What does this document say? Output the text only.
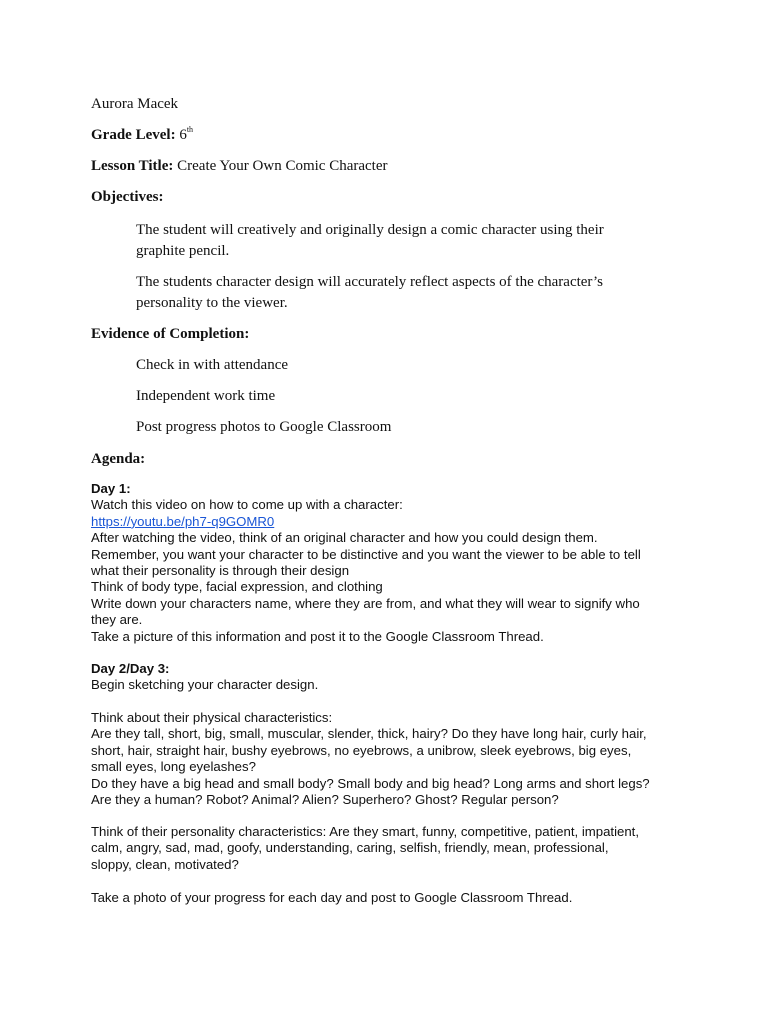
Aurora Macek
Grade Level: 6th
Lesson Title: Create Your Own Comic Character
Objectives:
The student will creatively and originally design a comic character using their
graphite pencil.
The students character design will accurately reflect aspects of the character’s
personality to the viewer.
Evidence of Completion:
Check in with attendance
Independent work time
Post progress photos to Google Classroom
Agenda:
Day 1:
Watch this video on how to come up with a character:
https://youtu.be/ph7-q9GOMR0
After watching the video, think of an original character and how you could design them.
Remember, you want your character to be distinctive and you want the viewer to be able to tell
what their personality is through their design
Think of body type, facial expression, and clothing
Write down your characters name, where they are from, and what they will wear to signify who
they are.
Take a picture of this information and post it to the Google Classroom Thread.
Day 2/Day 3:
Begin sketching your character design.
Think about their physical characteristics:
Are they tall, short, big, small, muscular, slender, thick, hairy? Do they have long hair, curly hair,
short, hair, straight hair, bushy eyebrows, no eyebrows, a unibrow, sleek eyebrows, big eyes,
small eyes, long eyelashes?
Do they have a big head and small body? Small body and big head? Long arms and short legs?
Are they a human? Robot? Animal? Alien? Superhero? Ghost? Regular person?
Think of their personality characteristics: Are they smart, funny, competitive, patient, impatient,
calm, angry, sad, mad, goofy, understanding, caring, selfish, friendly, mean, professional,
sloppy, clean, motivated?
Take a photo of your progress for each day and post to Google Classroom Thread.
